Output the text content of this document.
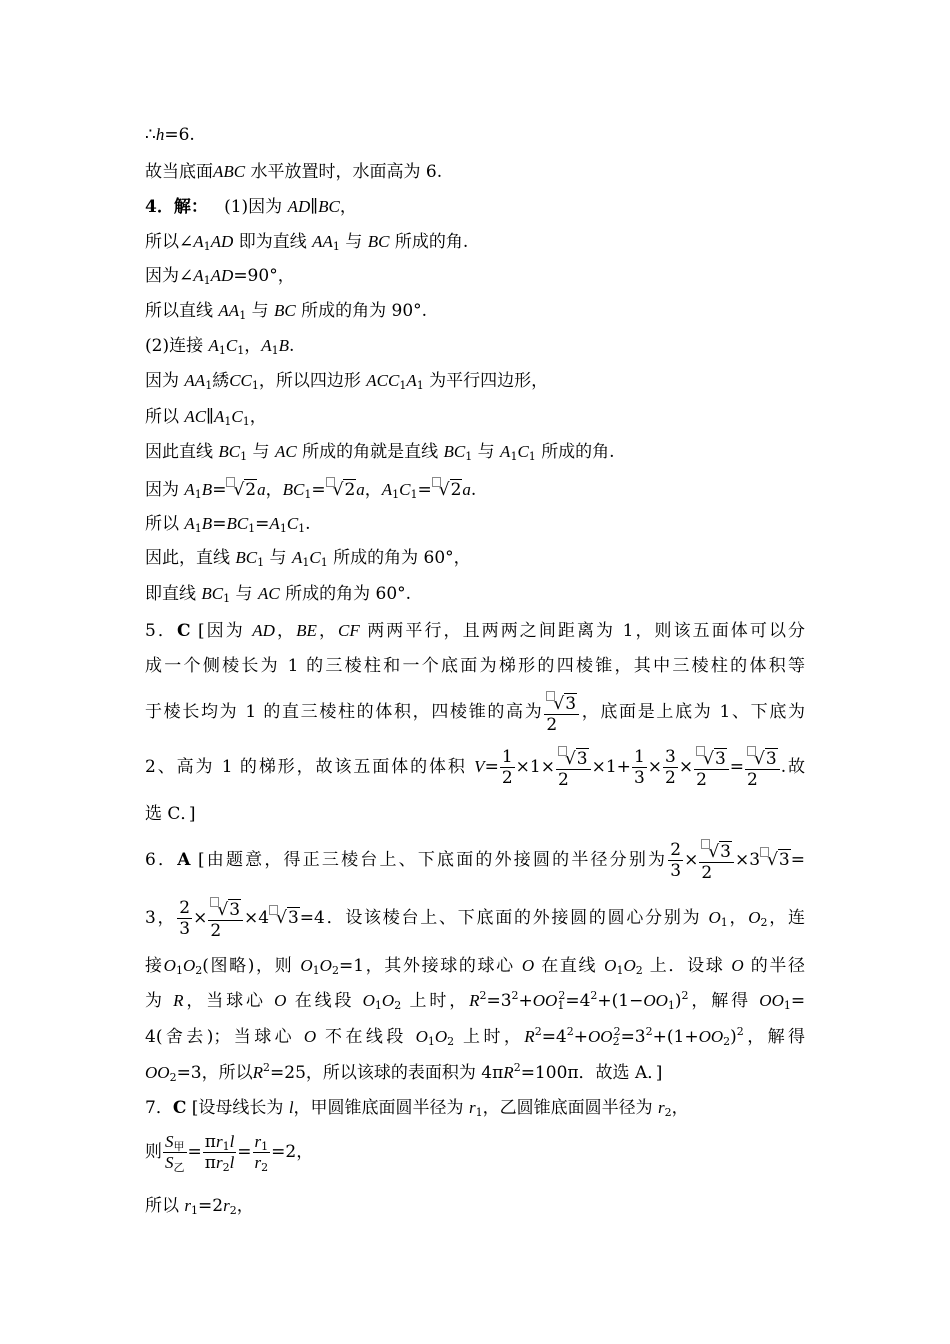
∴h=6.
故当底面ABC 水平放置时，水面高为 6.
4．解： (1)因为 AD∥BC，
所以$\angle A_1AD$ 即为直线 $AA_1$ 与 BC 所成的角.
因为$\angle A_1AD=90^\circ$，
所以直线 $AA_1$ 与 BC 所成的角为 90°.
(2)连接 $A_1C_1$，$A_1B$.
因为 $AA_1$綉$CC_1$，所以四边形 $ACC_1A_1$ 为平行四边形，
所以 $AC\parallel A_1C_1$，
因此直线 $BC_1$ 与 AC 所成的角就是直线 $BC_1$ 与 $A_1C_1$ 所成的角.
因为 $A_1B= √2a$，$BC_1= √2a$，$A_1C_1= √2a$.
所以 $A_1B=BC_1=A_1C_1$.
因此，直线 $BC_1$ 与 $A_1C_1$ 所成的角为 60°，
即直线 $BC_1$ 与 AC 所成的角为 60°.
5．C [因为 AD，BE，CF 两两平行，且两两之间距离为 1，则该五面体可以分
成一个侧棱长为 1 的三棱柱和一个底面为梯形的四棱锥，其中三棱柱的体积等
于棱长均为 1 的直三棱柱的体积，四棱锥的高为 $\frac{√3}{2}$ ，底面是上底为 1、下底为
2、高为 1 的梯形，故该五面体的体积 $V= \frac{1}{2} \times 1\times \frac{√3}{2} \times 1+ \frac{1}{3} \times \frac{3}{2} \times \frac{√3}{2} = \frac{√3}{2}$ .故
选 C．]
6．A [由题意，得正三棱台上、下底面的外接圆的半径分别为 $\frac{2}{3} \times \frac{√3}{2} \times 3$ √3=
3， $\frac{2}{3} \times \frac{√3}{2} \times 4$ √3=4．设该棱台上、下底面的外接圆的圆心分别为 $O_1$，$O_2$，连
接$O_1O_2$(图略)，则 $O_1O_2=1$，其外接球的球心 O 在直线 $O_1O_2$ 上．设球 O 的半径
为 R，当球心 O 在线段 $O_1O_2$ 上时，$R^2=3^2+OO_1^2=4^2+(1-OO_1)^2$，解得 $OO_1=$
4(舍去)；当球心 O 不在线段 $O_1O_2$ 上时，$R^2=4^2+OO_2^2=3^2+(1+OO_2)^2$，解得
$OO_2=3$，所以$R^2=25$，所以该球的表面积为 $4\pi R^2=100\pi$．故选 A．]
7．C [设母线长为 l，甲圆锥底面圆半径为 $r_1$，乙圆锥底面圆半径为 $r_2$，
则
$S_甲$
$S_乙$
= $\frac{\pi r_1l}{\pi r_2l} = \frac{r_1}{r_2} =2$，
所以 $r_1=2r_2$，
